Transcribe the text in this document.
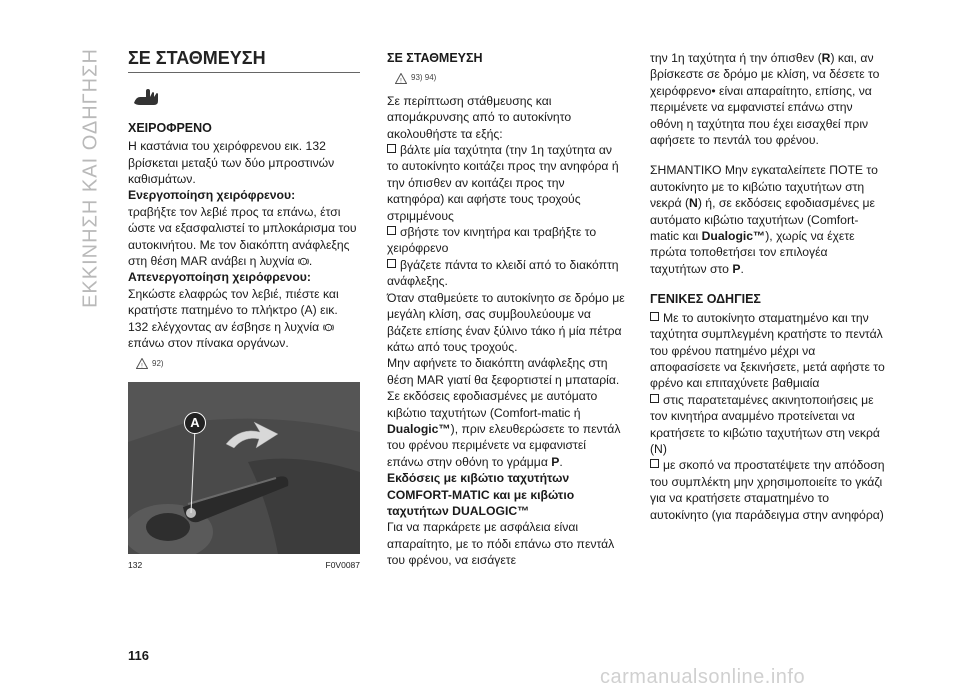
ΕΚΚΙΝΗΣΗ ΚΑΙ ΟΔΗΓΗΣΗ ΣΕ ΣΤΑΘΜΕΥΣΗ

ΧΕΙΡΟΦΡΕΝΟ

Η καστάνια του χειρόφρενου εικ. 132 βρίσκεται μεταξύ των δύο μπροστινών καθισμάτων.

Ενεργοποίηση χειρόφρενου:

τραβήξτε τον λεβιέ προς τα επάνω, έτσι ώστε να εξασφαλιστεί το μπλοκάρισμα του αυτοκινήτου. Με τον διακόπτη ανάφλεξης στη θέση MAR ανάβει η λυχνία ! .

Απενεργοποίηση χειρόφρενου:

Σηκώστε ελαφρώς τον λεβιέ, πιέστε και κρατήστε πατημένο το πλήκτρο (A) εικ. 132 ελέγχοντας αν έσβησε η λυχνία !
επάνω στον πίνακα οργάνων.

! 92)
A
132	F0V0087

ΣΕ ΣΤΑΘΜΕΥΣΗ

! 93) 94)

Σε περίπτωση στάθμευσης και απομάκρυνσης από το αυτοκίνητο ακολουθήστε τα εξής:

βάλτε μία ταχύτητα (την 1η ταχύτητα αν το αυτοκίνητο κοιτάζει προς την ανηφόρα ή την όπισθεν αν κοιτάζει προς την κατηφόρα) και αφήστε τους τροχούς στριμμένους

σβήστε τον κινητήρα και τραβήξτε το χειρόφρενο

βγάζετε πάντα το κλειδί από το διακόπτη ανάφλεξης.

Όταν σταθμεύετε το αυτοκίνητο σε δρόμο με μεγάλη κλίση, σας συμβουλεύουμε να βάζετε επίσης έναν ξύλινο τάκο ή μία πέτρα κάτω από τους τροχούς.

Μην αφήνετε το διακόπτη ανάφλεξης στη θέση MAR γιατί θα ξεφορτιστεί η μπαταρία.

Σε εκδόσεις εφοδιασμένες με αυτόματο κιβώτιο ταχυτήτων (Comfort-matic ή Dualogic™), πριν ελευθερώσετε το πεντάλ του φρένου περιμένετε να εμφανιστεί επάνω στην οθόνη το γράμμα P.

Εκδόσεις με κιβώτιο ταχυτήτων COMFORT-MATIC και με κιβώτιο ταχυτήτων DUALOGIC™

Για να παρκάρετε με ασφάλεια είναι απαραίτητο, με το πόδι επάνω στο πεντάλ του φρένου, να εισάγετε

την 1η ταχύτητα ή την όπισθεν (R) και, αν βρίσκεστε σε δρόμο με κλίση, να δέσετε το χειρόφρενο• είναι απαραίτητο, επίσης, να περιμένετε να εμφανιστεί επάνω στην οθόνη η ταχύτητα που έχει εισαχθεί πριν αφήσετε το πεντάλ του φρένου.

ΣΗΜΑΝΤΙΚΟ Μην εγκαταλείπετε ΠΟΤΕ το αυτοκίνητο με το κιβώτιο ταχυτήτων στη νεκρά (N) ή, σε εκδόσεις εφοδιασμένες με αυτόματο κιβώτιο ταχυτήτων (Comfort-matic και Dualogic™), χωρίς να έχετε πρώτα τοποθετήσει τον επιλογέα ταχυτήτων στο P.

ΓΕΝΙΚΕΣ ΟΔΗΓΙΕΣ

Με το αυτοκίνητο σταματημένο και την ταχύτητα συμπλεγμένη κρατήστε το πεντάλ του φρένου πατημένο μέχρι να αποφασίσετε να ξεκινήσετε, μετά αφήστε το φρένο και επιταχύνετε βαθμιαία

στις παρατεταμένες ακινητοποιήσεις με τον κινητήρα αναμμένο προτείνεται να κρατήσετε το κιβώτιο ταχυτήτων στη νεκρά (N)

με σκοπό να προστατέψετε την απόδοση του συμπλέκτη μην χρησιμοποιείτε το γκάζι για να κρατήσετε σταματημένο το αυτοκίνητο (για παράδειγμα στην ανηφόρα)

116
carmanualsonline.info
